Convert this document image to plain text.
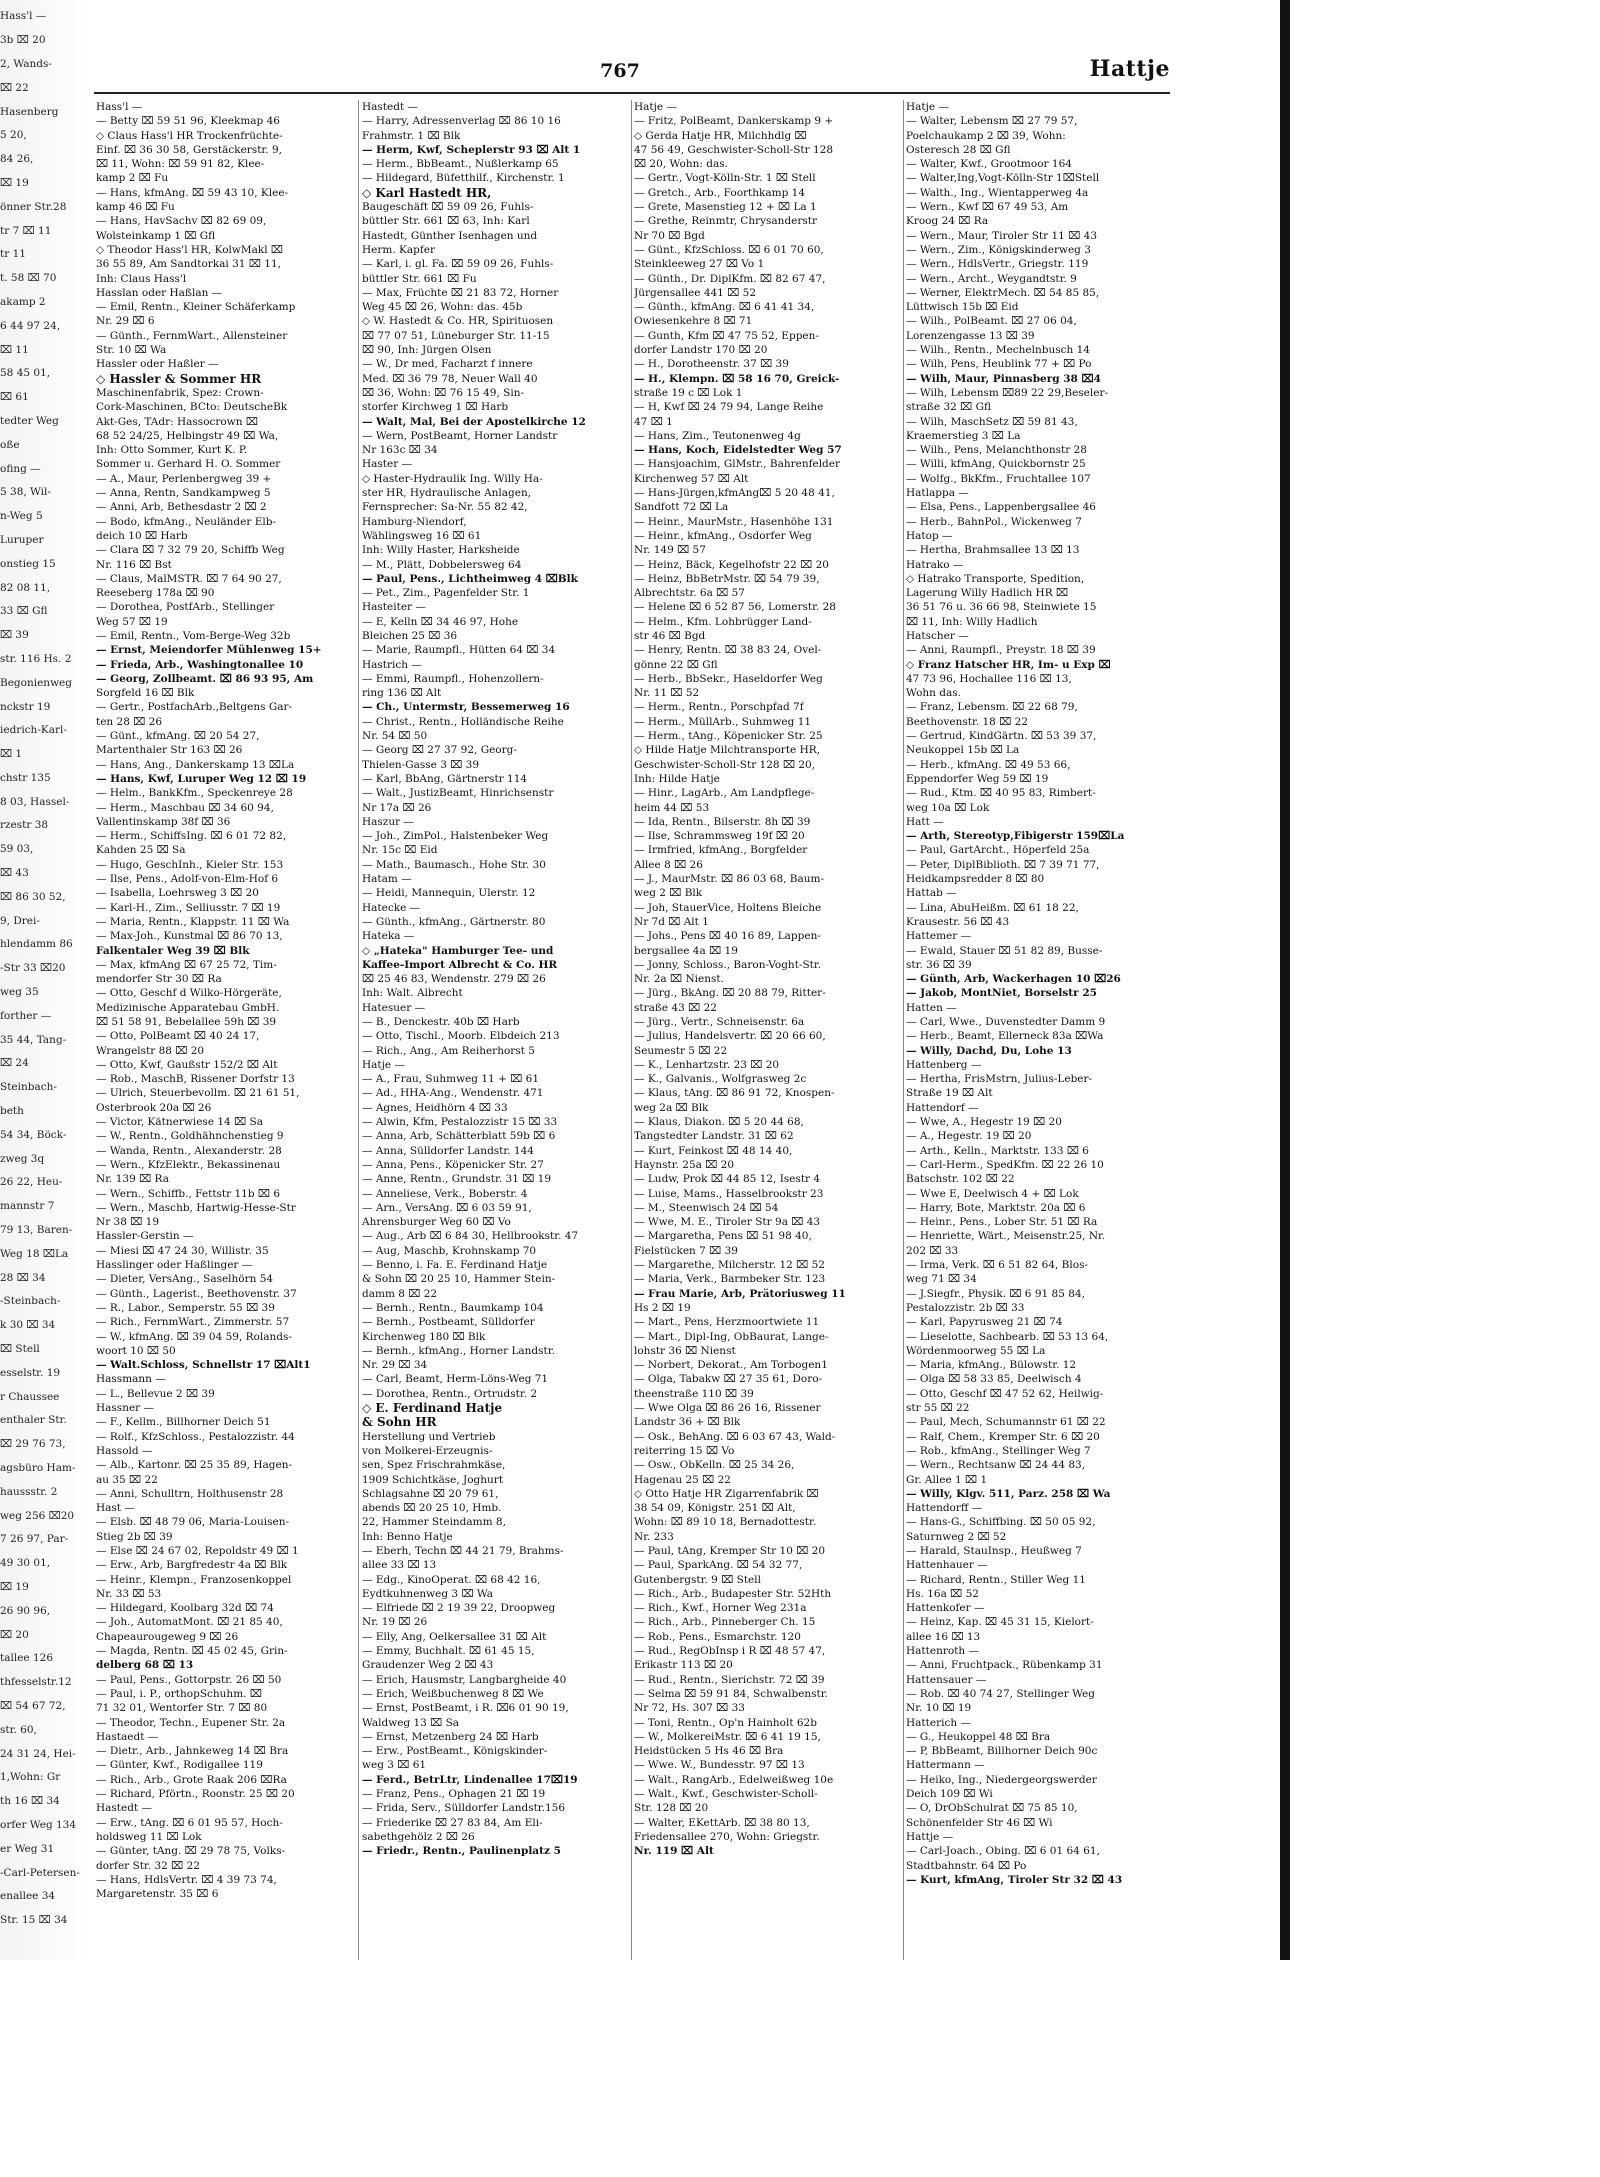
Hass'l —
3b ⌧ 20
2, Wands-
⌧ 22
Hasenberg
5 20,
84 26,
⌧ 19
önner Str.28
tr 7 ⌧ 11
tr 11
t. 58 ⌧ 70
akamp 2
6 44 97 24,
⌧ 11
58 45 01,
⌧ 61
tedter Weg
oße
ofing —
5 38, Wil-
n-Weg 5
Luruper
onstieg 15
82 08 11,
33 ⌧ Gfl
⌧ 39
str. 116 Hs. 2
Begonienweg
nckstr 19
iedrich-Karl-
⌧ 1
chstr 135
8 03, Hassel-
rzestr 38
59 03,
⌧ 43
⌧ 86 30 52,
9, Drei-
hlendamm 86
-Str 33 ⌧20
weg 35
forther —
35 44, Tang-
⌧ 24
Steinbach-
beth
54 34, Böck-
zweg 3q
26 22, Heu-
mannstr 7
79 13, Baren-
Weg 18 ⌧La
28 ⌧ 34
-Steinbach-
k 30 ⌧ 34
⌧ Stell
esselstr. 19
r Chaussee
enthaler Str.
⌧ 29 76 73,
agsbüro Ham-
haussstr. 2
weg 256 ⌧20
7 26 97, Par-
49 30 01,
⌧ 19
26 90 96,
⌧ 20
tallee 126
thfesselstr.12
⌧ 54 67 72,
str. 60,
24 31 24, Hei-
1,Wohn: Gr
th 16 ⌧ 34
orfer Weg 134
er Weg 31
-Carl-Petersen-
enallee 34
Str. 15 ⌧ 34
767	Hattje
Hass'l —
— Betty ⌧ 59 51 96, Kleekmap 46
◇ Claus Hass'l HR Trockenfrüchte-
Einf. ⌧ 36 30 58, Gerstäckerstr. 9,
⌧ 11, Wohn: ⌧ 59 91 82, Klee-
kamp 2 ⌧ Fu
— Hans, kfmAng. ⌧ 59 43 10, Klee-
kamp 46 ⌧ Fu
— Hans, HavSachv ⌧ 82 69 09,
Wolsteinkamp 1 ⌧ Gfl
◇ Theodor Hass'l HR, KolwMakl ⌧
36 55 89, Am Sandtorkai 31 ⌧ 11,
Inh: Claus Hass'l
Hasslan oder Haßlan —
— Emil, Rentn., Kleiner Schäferkamp
Nr. 29 ⌧ 6
— Günth., FernmWart., Allensteiner
Str. 10 ⌧ Wa
Hassler oder Haßler —
◇ Hassler & Sommer HR
Maschinenfabrik, Spez: Crown-
Cork-Maschinen, BCto: DeutscheBk
Akt-Ges, TAdr: Hassocrown ⌧
68 52 24/25, Helbingstr 49 ⌧ Wa,
Inh: Otto Sommer, Kurt K. P.
Sommer u. Gerhard H. O. Sommer
— A., Maur, Perlenbergweg 39 +
— Anna, Rentn, Sandkampweg 5
— Anni, Arb, Bethesdastr 2 ⌧ 2
— Bodo, kfmAng., Neuländer Elb-
deich 10 ⌧ Harb
— Clara ⌧ 7 32 79 20, Schiffb Weg
Nr. 116 ⌧ Bst
— Claus, MalMSTR. ⌧ 7 64 90 27,
Reeseberg 178a ⌧ 90
— Dorothea, PostfArb., Stellinger
Weg 57 ⌧ 19
— Emil, Rentn., Vom-Berge-Weg 32b
— Ernst, Meiendorfer Mühlenweg 15+
— Frieda, Arb., Washingtonallee 10
— Georg, Zollbeamt. ⌧ 86 93 95, Am
Sorgfeld 16 ⌧ Blk
— Gertr., PostfachArb.,Beltgens Gar-
ten 28 ⌧ 26
— Günt., kfmAng. ⌧ 20 54 27,
Martenthaler Str 163 ⌧ 26
— Hans, Ang., Dankerskamp 13 ⌧La
— Hans, Kwf, Luruper Weg 12 ⌧ 19
— Helm., BankKfm., Speckenreye 28
— Herm., Maschbau ⌧ 34 60 94,
Vallentinskamp 38f ⌧ 36
— Herm., SchiffsIng. ⌧ 6 01 72 82,
Kahden 25 ⌧ Sa
— Hugo, GeschInh., Kieler Str. 153
— Ilse, Pens., Adolf-von-Elm-Hof 6
— Isabella, Loehrsweg 3 ⌧ 20
— Karl-H., Zim., Selliusstr. 7 ⌧ 19
— Maria, Rentn., Klappstr. 11 ⌧ Wa
— Max-Joh., Kunstmal ⌧ 86 70 13,
Falkentaler Weg 39 ⌧ Blk
— Max, kfmAng ⌧ 67 25 72, Tim-
mendorfer Str 30 ⌧ Ra
— Otto, Geschf d Wilko-Hörgeräte,
Medizinische Apparatebau GmbH.
⌧ 51 58 91, Bebelallee 59h ⌧ 39
— Otto, PolBeamt ⌧ 40 24 17,
Wrangelstr 88 ⌧ 20
— Otto, Kwf, Gaußstr 152/2 ⌧ Alt
— Rob., MaschB, Rissener Dorfstr 13
— Ulrich, Steuerbevollm. ⌧ 21 61 51,
Osterbrook 20a ⌧ 26
— Victor, Kätnerwiese 14 ⌧ Sa
— W., Rentn., Goldhähnchenstieg 9
— Wanda, Rentn., Alexanderstr. 28
— Wern., KfzElektr., Bekassinenau
Nr. 139 ⌧ Ra
— Wern., Schiffb., Fettstr 11b ⌧ 6
— Wern., Maschb, Hartwig-Hesse-Str
Nr 38 ⌧ 19
Hassler-Gerstin —
— Miesi ⌧ 47 24 30, Willistr. 35
Hasslinger oder Haßlinger —
— Dieter, VersAng., Saselhörn 54
— Günth., Lagerist., Beethovenstr. 37
— R., Labor., Semperstr. 55 ⌧ 39
— Rich., FernmWart., Zimmerstr. 57
— W., kfmAng. ⌧ 39 04 59, Rolands-
woort 10 ⌧ 50
— Walt.Schloss, Schnellstr 17 ⌧Alt1
Hassmann —
— L., Bellevue 2 ⌧ 39
Hassner —
— F., Kellm., Billhorner Deich 51
— Rolf., KfzSchloss., Pestalozzistr. 44
Hassold —
— Alb., Kartonr. ⌧ 25 35 89, Hagen-
au 35 ⌧ 22
— Anni, Schulltrn, Holthusenstr 28
Hast —
— Elsb. ⌧ 48 79 06, Maria-Louisen-
Stieg 2b ⌧ 39
— Else ⌧ 24 67 02, Repoldstr 49 ⌧ 1
— Erw., Arb, Bargfredestr 4a ⌧ Blk
— Heinr., Klempn., Franzosenkoppel
Nr. 33 ⌧ 53
— Hildegard, Koolbarg 32d ⌧ 74
— Joh., AutomatMont. ⌧ 21 85 40,
Chapeaurougeweg 9 ⌧ 26
— Magda, Rentn. ⌧ 45 02 45, Grin-
delberg 68 ⌧ 13
— Paul, Pens., Gottorpstr. 26 ⌧ 50
— Paul, i. P., orthopSchuhm. ⌧
71 32 01, Wentorfer Str. 7 ⌧ 80
— Theodor, Techn., Eupener Str. 2a
Hastaedt —
— Dietr., Arb., Jahnkeweg 14 ⌧ Bra
— Günter, Kwf., Rodigallee 119
— Rich., Arb., Grote Raak 206 ⌧Ra
— Richard, Pförtn., Roonstr. 25 ⌧ 20
Hastedt —
— Erw., tAng. ⌧ 6 01 95 57, Hoch-
holdsweg 11 ⌧ Lok
— Günter, tAng. ⌧ 29 78 75, Volks-
dorfer Str. 32 ⌧ 22
— Hans, HdlsVertr. ⌧ 4 39 73 74,
Margaretenstr. 35 ⌧ 6
Hastedt —
— Harry, Adressenverlag ⌧ 86 10 16
Frahmstr. 1 ⌧ Blk
— Herm, Kwf, Scheplerstr 93 ⌧ Alt 1
— Herm., BbBeamt., Nußlerkamp 65
— Hildegard, Büfetthilf., Kirchenstr. 1
◇ Karl Hastedt HR,
Baugeschäft ⌧ 59 09 26, Fuhls-
büttler Str. 661 ⌧ 63, Inh: Karl
Hastedt, Günther Isenhagen und
Herm. Kapfer
— Karl, i. gl. Fa. ⌧ 59 09 26, Fuhls-
büttler Str. 661 ⌧ Fu
— Max, Früchte ⌧ 21 83 72, Horner
Weg 45 ⌧ 26, Wohn: das. 45b
◇ W. Hastedt & Co. HR, Spirituosen
⌧ 77 07 51, Lüneburger Str. 11-15
⌧ 90, Inh: Jürgen Olsen
— W., Dr med, Facharzt f innere
Med. ⌧ 36 79 78, Neuer Wall 40
⌧ 36, Wohn: ⌧ 76 15 49, Sin-
storfer Kirchweg 1 ⌧ Harb
— Walt, Mal, Bei der Apostelkirche 12
— Wern, PostBeamt, Horner Landstr
Nr 163c ⌧ 34
Haster —
◇ Haster-Hydraulik Ing. Willy Ha-
ster HR, Hydraulische Anlagen,
Fernsprecher: Sa-Nr. 55 82 42,
Hamburg-Niendorf,
Wählingsweg 16 ⌧ 61
Inh: Willy Haster, Harksheide
— M., Plätt, Dobbelersweg 64
— Paul, Pens., Lichtheimweg 4 ⌧Blk
— Pet., Zim., Pagenfelder Str. 1
Hasteiter —
— E, Kelln ⌧ 34 46 97, Hohe
Bleichen 25 ⌧ 36
— Marie, Raumpfl., Hütten 64 ⌧ 34
Hastrich —
— Emmi, Raumpfl., Hohenzollern-
ring 136 ⌧ Alt
— Ch., Untermstr, Bessemerweg 16
— Christ., Rentn., Holländische Reihe
Nr. 54 ⌧ 50
— Georg ⌧ 27 37 92, Georg-
Thielen-Gasse 3 ⌧ 39
— Karl, BbAng, Gärtnerstr 114
— Walt., JustizBeamt, Hinrichsenstr
Nr 17a ⌧ 26
Haszur —
— Joh., ZimPol., Halstenbeker Weg
Nr. 15c ⌧ Eid
— Math., Baumasch., Hohe Str. 30
Hatam —
— Heidi, Mannequin, Ulerstr. 12
Hatecke —
— Günth., kfmAng., Gärtnerstr. 80
Hateka —
◇ „Hateka" Hamburger Tee- und
Kaffee-Import Albrecht & Co. HR
⌧ 25 46 83, Wendenstr. 279 ⌧ 26
Inh: Walt. Albrecht
Hatesuer —
— B., Denckestr. 40b ⌧ Harb
— Otto, Tischl., Moorb. Elbdeich 213
— Rich., Ang., Am Reiherhorst 5
Hatje —
— A., Frau, Suhmweg 11 + ⌧ 61
— Ad., HHA-Ang., Wendenstr. 471
— Agnes, Heidhörn 4 ⌧ 33
— Alwin, Kfm, Pestalozzistr 15 ⌧ 33
— Anna, Arb, Schätterblatt 59b ⌧ 6
— Anna, Sülldorfer Landstr. 144
— Anna, Pens., Köpenicker Str. 27
— Anne, Rentn., Grundstr. 31 ⌧ 19
— Anneliese, Verk., Boberstr. 4
— Arn., VersAng. ⌧ 6 03 59 91,
Ahrensburger Weg 60 ⌧ Vo
— Aug., Arb ⌧ 6 84 30, Hellbrookstr. 47
— Aug, Maschb, Krohnskamp 70
— Benno, i. Fa. E. Ferdinand Hatje
& Sohn ⌧ 20 25 10, Hammer Stein-
damm 8 ⌧ 22
— Bernh., Rentn., Baumkamp 104
— Bernh., Postbeamt, Sülldorfer
Kirchenweg 180 ⌧ Blk
— Bernh., kfmAng., Horner Landstr.
Nr. 29 ⌧ 34
— Carl, Beamt, Herm-Löns-Weg 71
— Dorothea, Rentn., Ortrudstr. 2
◇ E. Ferdinand Hatje
& Sohn HR
Herstellung und Vertrieb
von Molkerei-Erzeugnis-
sen, Spez Frischrahmkäse,
1909 Schichtkäse, Joghurt
Schlagsahne ⌧ 20 79 61,
abends ⌧ 20 25 10, Hmb.
22, Hammer Steindamm 8,
Inh: Benno Hatje
— Eberh, Techn ⌧ 44 21 79, Brahms-
allee 33 ⌧ 13
— Edg., KinoOperat. ⌧ 68 42 16,
Eydtkuhnenweg 3 ⌧ Wa
— Elfriede ⌧ 2 19 39 22, Droopweg
Nr. 19 ⌧ 26
— Elly, Ang, Oelkersallee 31 ⌧ Alt
— Emmy, Buchhalt. ⌧ 61 45 15,
Graudenzer Weg 2 ⌧ 43
— Erich, Hausmstr, Langbargheide 40
— Erich, Weißbuchenweg 8 ⌧ We
— Ernst, PostBeamt, i R. ⌧6 01 90 19,
Waldweg 13 ⌧ Sa
— Ernst, Metzenberg 24 ⌧ Harb
— Erw., PostBeamt., Königskinder-
weg 3 ⌧ 61
— Ferd., BetrLtr, Lindenallee 17⌧19
— Franz, Pens., Ophagen 21 ⌧ 19
— Frida, Serv., Sülldorfer Landstr.156
— Friederike ⌧ 27 83 84, Am Eli-
sabethgehölz 2 ⌧ 26
— Friedr., Rentn., Paulinenplatz 5
Hatje —
— Fritz, PolBeamt, Dankerskamp 9 +
◇ Gerda Hatje HR, Milchhdlg ⌧
47 56 49, Geschwister-Scholl-Str 128
⌧ 20, Wohn: das.
— Gertr., Vogt-Kölln-Str. 1 ⌧ Stell
— Gretch., Arb., Foorthkamp 14
— Grete, Masenstieg 12 + ⌧ La 1
— Grethe, Reinmtr, Chrysanderstr
Nr 70 ⌧ Bgd
— Günt., KfzSchloss. ⌧ 6 01 70 60,
Steinkleeweg 27 ⌧ Vo 1
— Günth., Dr. DiplKfm. ⌧ 82 67 47,
Jürgensallee 441 ⌧ 52
— Günth., kfmAng. ⌧ 6 41 41 34,
Owiesenkehre 8 ⌧ 71
— Gunth, Kfm ⌧ 47 75 52, Eppen-
dorfer Landstr 170 ⌧ 20
— H., Dorotheenstr. 37 ⌧ 39
— H., Klempn. ⌧ 58 16 70, Greick-
straße 19 c ⌧ Lok 1
— H, Kwf ⌧ 24 79 94, Lange Reihe
47 ⌧ 1
— Hans, Zim., Teutonenweg 4g
— Hans, Koch, Eidelstedter Weg 57
— Hansjoachim, GlMstr., Bahrenfelder
Kirchenweg 57 ⌧ Alt
— Hans-Jürgen,kfmAng⌧ 5 20 48 41,
Sandfott 72 ⌧ La
— Heinr., MaurMstr., Hasenhöhe 131
— Heinr., kfmAng., Osdorfer Weg
Nr. 149 ⌧ 57
— Heinz, Bäck, Kegelhofstr 22 ⌧ 20
— Heinz, BbBetrMstr. ⌧ 54 79 39,
Albrechtstr. 6a ⌧ 57
— Helene ⌧ 6 52 87 56, Lomerstr. 28
— Helm., Kfm. Lohbrügger Land-
str 46 ⌧ Bgd
— Henry, Rentn. ⌧ 38 83 24, Ovel-
gönne 22 ⌧ Gfl
— Herb., BbSekr., Haseldorfer Weg
Nr. 11 ⌧ 52
— Herm., Rentn., Porschpfad 7f
— Herm., MüllArb., Suhmweg 11
— Herm., tAng., Köpenicker Str. 25
◇ Hilde Hatje Milchtransporte HR,
Geschwister-Scholl-Str 128 ⌧ 20,
Inh: Hilde Hatje
— Hinr., LagArb., Am Landpflege-
heim 44 ⌧ 53
— Ida, Rentn., Bilserstr. 8h ⌧ 39
— Ilse, Schrammsweg 19f ⌧ 20
— Irmfried, kfmAng., Borgfelder
Allee 8 ⌧ 26
— J., MaurMstr. ⌧ 86 03 68, Baum-
weg 2 ⌧ Blk
— Joh, StauerVice, Holtens Bleiche
Nr 7d ⌧ Alt 1
— Johs., Pens ⌧ 40 16 89, Lappen-
bergsallee 4a ⌧ 19
— Jonny, Schloss., Baron-Voght-Str.
Nr. 2a ⌧ Nienst.
— Jürg., BkAng. ⌧ 20 88 79, Ritter-
straße 43 ⌧ 22
— Jürg., Vertr., Schneisenstr. 6a
— Julius, Handelsvertr. ⌧ 20 66 60,
Seumestr 5 ⌧ 22
— K., Lenhartzstr. 23 ⌧ 20
— K., Galvanis., Wolfgrasweg 2c
— Klaus, tAng. ⌧ 86 91 72, Knospen-
weg 2a ⌧ Blk
— Klaus, Diakon. ⌧ 5 20 44 68,
Tangstedter Landstr. 31 ⌧ 62
— Kurt, Feinkost ⌧ 48 14 40,
Haynstr. 25a ⌧ 20
— Ludw, Prok ⌧ 44 85 12, Isestr 4
— Luise, Mams., Hasselbrookstr 23
— M., Steenwisch 24 ⌧ 54
— Wwe, M. E., Tiroler Str 9a ⌧ 43
— Margaretha, Pens ⌧ 51 98 40,
Fielstücken 7 ⌧ 39
— Margarethe, Milcherstr. 12 ⌧ 52
— Maria, Verk., Barmbeker Str. 123
— Frau Marie, Arb, Prätoriusweg 11
Hs 2 ⌧ 19
— Mart., Pens, Herzmoortwiete 11
— Mart., Dipl-Ing, ObBaurat, Lange-
lohstr 36 ⌧ Nienst
— Norbert, Dekorat., Am Torbogen1
— Olga, Tabakw ⌧ 27 35 61, Doro-
theenstraße 110 ⌧ 39
— Wwe Olga ⌧ 86 26 16, Rissener
Landstr 36 + ⌧ Blk
— Osk., BehAng. ⌧ 6 03 67 43, Wald-
reiterring 15 ⌧ Vo
— Osw., ObKelln. ⌧ 25 34 26,
Hagenau 25 ⌧ 22
◇ Otto Hatje HR Zigarrenfabrik ⌧
38 54 09, Königstr. 251 ⌧ Alt,
Wohn: ⌧ 89 10 18, Bernadottestr.
Nr. 233
— Paul, tAng, Kremper Str 10 ⌧ 20
— Paul, SparkAng. ⌧ 54 32 77,
Gutenbergstr. 9 ⌧ Stell
— Rich., Arb., Budapester Str. 52Hth
— Rich., Kwf., Horner Weg 231a
— Rich., Arb., Pinneberger Ch. 15
— Rob., Pens., Esmarchstr. 120
— Rud., RegObInsp i R ⌧ 48 57 47,
Erikastr 113 ⌧ 20
— Rud., Rentn., Sierichstr. 72 ⌧ 39
— Selma ⌧ 59 91 84, Schwalbenstr.
Nr 72, Hs. 307 ⌧ 33
— Toni, Rentn., Op'n Hainholt 62b
— W., MolkereiMstr. ⌧ 6 41 19 15,
Heidstücken 5 Hs 46 ⌧ Bra
— Wwe. W., Bundesstr. 97 ⌧ 13
— Walt., RangArb., Edelweißweg 10e
— Walt., Kwf., Geschwister-Scholl-
Str. 128 ⌧ 20
— Walter, EKettArb. ⌧ 38 80 13,
Friedensallee 270, Wohn: Griegstr.
Nr. 119 ⌧ Alt
Hatje —
— Walter, Lebensm ⌧ 27 79 57,
Poelchaukamp 2 ⌧ 39, Wohn:
Osteresch 28 ⌧ Gfl
— Walter, Kwf., Grootmoor 164
— Walter,Ing,Vogt-Kölln-Str 1⌧Stell
— Walth., Ing., Wientapperweg 4a
— Wern., Kwf ⌧ 67 49 53, Am
Kroog 24 ⌧ Ra
— Wern., Maur, Tiroler Str 11 ⌧ 43
— Wern., Zim., Königskinderweg 3
— Wern., HdlsVertr., Griegstr. 119
— Wern., Archt., Weygandtstr. 9
— Werner, ElektrMech. ⌧ 54 85 85,
Lüttwisch 15b ⌧ Eid
— Wilh., PolBeamt. ⌧ 27 06 04,
Lorenzengasse 13 ⌧ 39
— Wilh., Rentn., Mechelnbusch 14
— Wilh, Pens, Heublink 77 + ⌧ Po
— Wilh, Maur, Pinnasberg 38 ⌧4
— Wilh, Lebensm ⌧89 22 29,Beseler-
straße 32 ⌧ Gfl
— Wilh, MaschSetz ⌧ 59 81 43,
Kraemerstieg 3 ⌧ La
— Wilh., Pens, Melanchthonstr 28
— Willi, kfmAng, Quickbornstr 25
— Wolfg., BkKfm., Fruchtallee 107
Hatlappa —
— Elsa, Pens., Lappenbergsallee 46
— Herb., BahnPol., Wickenweg 7
Hatop —
— Hertha, Brahmsallee 13 ⌧ 13
Hatrako —
◇ Hatrako Transporte, Spedition,
Lagerung Willy Hadlich HR ⌧
36 51 76 u. 36 66 98, Steinwiete 15
⌧ 11, Inh: Willy Hadlich
Hatscher —
— Anni, Raumpfl., Preystr. 18 ⌧ 39
◇ Franz Hatscher HR, Im- u Exp ⌧
47 73 96, Hochallee 116 ⌧ 13,
Wohn das.
— Franz, Lebensm. ⌧ 22 68 79,
Beethovenstr. 18 ⌧ 22
— Gertrud, KindGärtn. ⌧ 53 39 37,
Neukoppel 15b ⌧ La
— Herb., kfmAng. ⌧ 49 53 66,
Eppendorfer Weg 59 ⌧ 19
— Rud., Ktm. ⌧ 40 95 83, Rimbert-
weg 10a ⌧ Lok
Hatt —
— Arth, Stereotyp,Fibigerstr 159⌧La
— Paul, GartArcht., Höperfeld 25a
— Peter, DiplBiblioth. ⌧ 7 39 71 77,
Heidkampsredder 8 ⌧ 80
Hattab —
— Lina, AbuHeißm. ⌧ 61 18 22,
Krausestr. 56 ⌧ 43
Hattemer —
— Ewald, Stauer ⌧ 51 82 89, Busse-
str. 36 ⌧ 39
— Günth, Arb, Wackerhagen 10 ⌧26
— Jakob, MontNiet, Borselstr 25
Hatten —
— Carl, Wwe., Duvenstedter Damm 9
— Herb., Beamt, Ellerneck 83a ⌧Wa
— Willy, Dachd, Du, Lohe 13
Hattenberg —
— Hertha, FrisMstrn, Julius-Leber-
Straße 19 ⌧ Alt
Hattendorf —
— Wwe, A., Hegestr 19 ⌧ 20
— A., Hegestr. 19 ⌧ 20
— Arth., Kelln., Marktstr. 133 ⌧ 6
— Carl-Herm., SpedKfm. ⌧ 22 26 10
Batschstr. 102 ⌧ 22
— Wwe E, Deelwisch 4 + ⌧ Lok
— Harry, Bote, Marktstr. 20a ⌧ 6
— Heinr., Pens., Lober Str. 51 ⌧ Ra
— Henriette, Wärt., Meisenstr.25, Nr.
202 ⌧ 33
— Irma, Verk. ⌧ 6 51 82 64, Blos-
weg 71 ⌧ 34
— J.Siegfr., Physik. ⌧ 6 91 85 84,
Pestalozzistr. 2b ⌧ 33
— Karl, Papyrusweg 21 ⌧ 74
— Lieselotte, Sachbearb. ⌧ 53 13 64,
Wördenmoorweg 55 ⌧ La
— Maria, kfmAng., Bülowstr. 12
— Olga ⌧ 58 33 85, Deelwisch 4
— Otto, Geschf ⌧ 47 52 62, Heilwig-
str 55 ⌧ 22
— Paul, Mech, Schumannstr 61 ⌧ 22
— Ralf, Chem., Kremper Str. 6 ⌧ 20
— Rob., kfmAng., Stellinger Weg 7
— Wern., Rechtsanw ⌧ 24 44 83,
Gr. Allee 1 ⌧ 1
— Willy, Klgv. 511, Parz. 258 ⌧ Wa
Hattendorff —
— Hans-G., Schiffbing. ⌧ 50 05 92,
Saturnweg 2 ⌧ 52
— Harald, StauInsp., Heußweg 7
Hattenhauer —
— Richard, Rentn., Stiller Weg 11
Hs. 16a ⌧ 52
Hattenkofer —
— Heinz, Kap. ⌧ 45 31 15, Kielort-
allee 16 ⌧ 13
Hattenroth —
— Anni, Fruchtpack., Rübenkamp 31
Hattensauer —
— Rob. ⌧ 40 74 27, Stellinger Weg
Nr. 10 ⌧ 19
Hatterich —
— G., Heukoppel 48 ⌧ Bra
— P, BbBeamt, Billhorner Deich 90c
Hattermann —
— Heiko, Ing., Niedergeorgswerder
Deich 109 ⌧ Wi
— O, DrObSchulrat ⌧ 75 85 10,
Schönenfelder Str 46 ⌧ Wi
Hattje —
— Carl-Joach., Obing. ⌧ 6 01 64 61,
Stadtbahnstr. 64 ⌧ Po
— Kurt, kfmAng, Tiroler Str 32 ⌧ 43
